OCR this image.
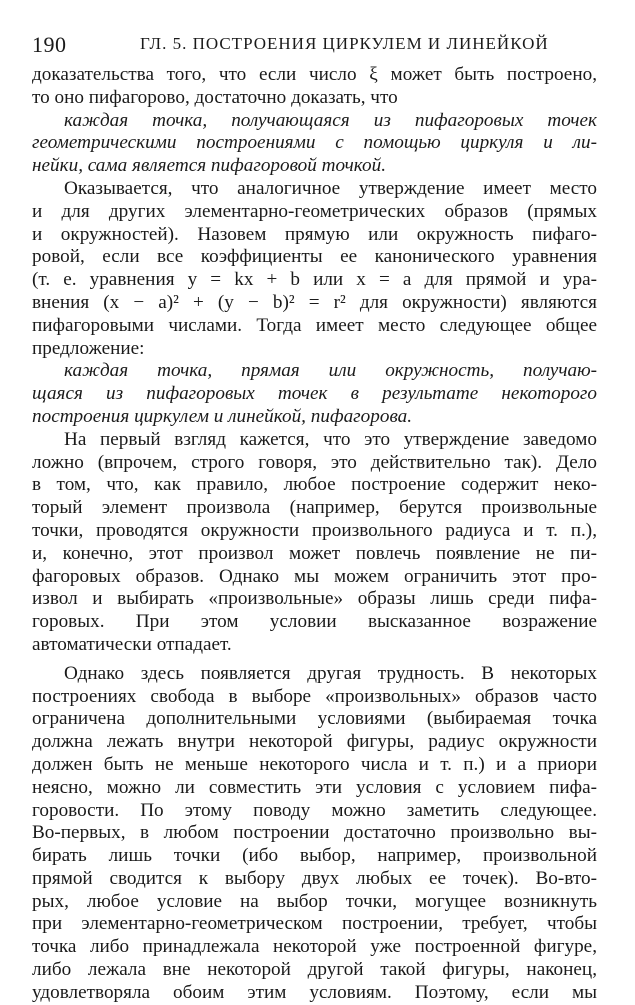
190	ГЛ. 5. ПОСТРОЕНИЯ ЦИРКУЛЕМ И ЛИНЕЙКОЙ
доказательства того, что если число ξ может быть построено,
то оно пифагорово, достаточно доказать, что
каждая точка, получающаяся из пифагоровых точек
геометрическими построениями с помощью циркуля и ли-
нейки, сама является пифагоровой точкой.
Оказывается, что аналогичное утверждение имеет место
и для других элементарно-геометрических образов (прямых
и окружностей). Назовем прямую или окружность пифаго-
ровой, если все коэффициенты ее канонического уравнения
(т. е. уравнения y = kx + b или x = a для прямой и ура-
внения (x − a)² + (y − b)² = r² для окружности) являются
пифагоровыми числами. Тогда имеет место следующее общее
предложение:
каждая точка, прямая или окружность, получаю-
щаяся из пифагоровых точек в результате некоторого
построения циркулем и линейкой, пифагорова.
На первый взгляд кажется, что это утверждение заведомо
ложно (впрочем, строго говоря, это действительно так). Дело
в том, что, как правило, любое построение содержит неко-
торый элемент произвола (например, берутся произвольные
точки, проводятся окружности произвольного радиуса и т. п.),
и, конечно, этот произвол может повлечь появление не пи-
фагоровых образов. Однако мы можем ограничить этот про-
извол и выбирать «произвольные» образы лишь среди пифа-
горовых. При этом условии высказанное возражение
автоматически отпадает.
Однако здесь появляется другая трудность. В некоторых
построениях свобода в выборе «произвольных» образов часто
ограничена дополнительными условиями (выбираемая точка
должна лежать внутри некоторой фигуры, радиус окружности
должен быть не меньше некоторого числа и т. п.) и а приори
неясно, можно ли совместить эти условия с условием пифа-
горовости. По этому поводу можно заметить следующее.
Во-первых, в любом построении достаточно произвольно вы-
бирать лишь точки (ибо выбор, например, произвольной
прямой сводится к выбору двух любых ее точек). Во-вто-
рых, любое условие на выбор точки, могущее возникнуть
при элементарно-геометрическом построении, требует, чтобы
точка либо принадлежала некоторой уже построенной фигуре,
либо лежала вне некоторой другой такой фигуры, наконец,
удовлетворяла обоим этим условиям. Поэтому, если мы
